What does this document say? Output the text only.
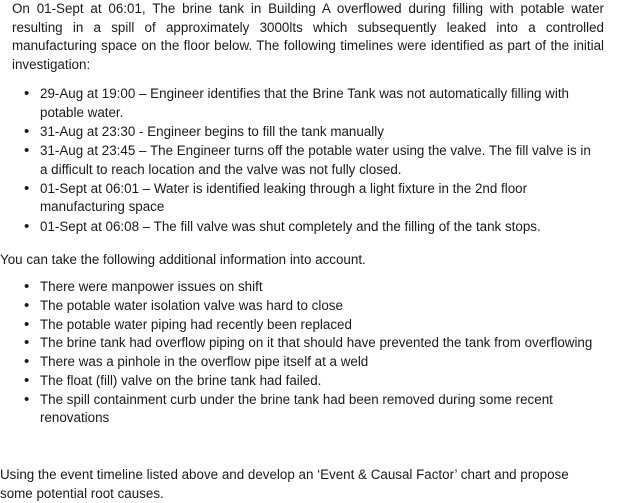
On 01-Sept at 06:01, The brine tank in Building A overflowed during filling with potable water resulting in a spill of approximately 3000lts which subsequently leaked into a controlled manufacturing space on the floor below. The following timelines were identified as part of the initial investigation:

• 29-Aug at 19:00 – Engineer identifies that the Brine Tank was not automatically filling with potable water.
• 31-Aug at 23:30 - Engineer begins to fill the tank manually
• 31-Aug at 23:45 – The Engineer turns off the potable water using the valve. The fill valve is in a difficult to reach location and the valve was not fully closed.
• 01-Sept at 06:01 – Water is identified leaking through a light fixture in the 2nd floor manufacturing space
• 01-Sept at 06:08 – The fill valve was shut completely and the filling of the tank stops.

You can take the following additional information into account.

• There were manpower issues on shift
• The potable water isolation valve was hard to close
• The potable water piping had recently been replaced
• The brine tank had overflow piping on it that should have prevented the tank from overflowing
• There was a pinhole in the overflow pipe itself at a weld
• The float (fill) valve on the brine tank had failed.
• The spill containment curb under the brine tank had been removed during some recent renovations

Using the event timeline listed above and develop an ‘Event & Causal Factor’ chart and propose some potential root causes.
